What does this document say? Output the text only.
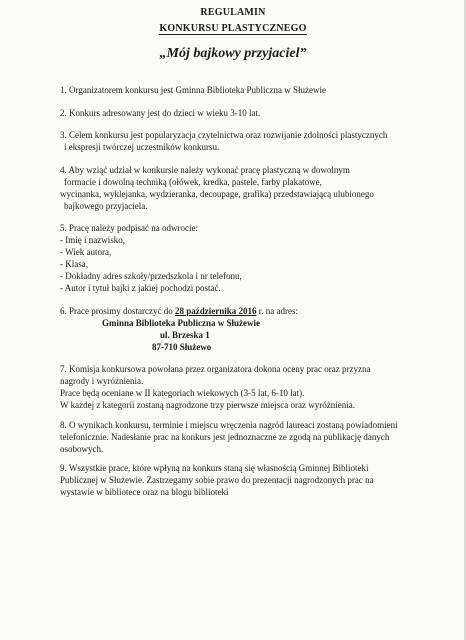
REGULAMIN
KONKURSU PLASTYCZNEGO
„Mój bajkowy przyjaciel”
1. Organizatorem konkursu jest Gminna Biblioteka Publiczna w Służewie
2. Konkurs adresowany jest do dzieci w wieku 3-10 lat.
3. Celem konkursu jest popularyzacja czytelnictwa oraz rozwijanie zdolności plastycznych
i ekspresji twórczej uczestników konkursu.
4. Aby wziąć udział w konkursie należy wykonać pracę plastyczną w dowolnym
formacie i dowolną techniką (ołówek, kredka, pastele, farby plakatowe,
wycinanka, wyklejanka, wydzieranka, decoupage, grafika) przedstawiającą ulubionego
bajkowego przyjaciela.
5. Pracę należy podpisać na odwrocie:
- Imię i nazwisko,
- Wiek autora,
- Klasa,
- Dokładny adres szkoły/przedszkola i nr telefonu,
- Autor i tytuł bajki z jakiej pochodzi postać.
6. Prace prosimy dostarczyć do 28 października 2016 r. na adres:
Gminna Biblioteka Publiczna w Służewie
ul. Brzeska 1
87-710 Służewo
7. Komisja konkursowa powołana przez organizatora dokona oceny prac oraz przyzna
nagrody i wyróżnienia.
Prace będą oceniane w II kategoriach wiekowych (3-5 lat, 6-10 lat).
W każdej z kategorii zostaną nagrodzone trzy pierwsze miejsca oraz wyróżnienia.
8. O wynikach konkursu, terminie i miejscu wręczenia nagród laureaci zostaną powiadomieni
telefonicznie. Nadesłanie prac na konkurs jest jednoznaczne ze zgodą na publikację danych
osobowych.
9. Wszystkie prace, które wpłyną na konkurs staną się własnością Gminnej Biblioteki
Publicznej w Służewie. Zastrzegamy sobie prawo do prezentacji nagrodzonych prac na
wystawie w bibliotece oraz na blogu biblioteki
